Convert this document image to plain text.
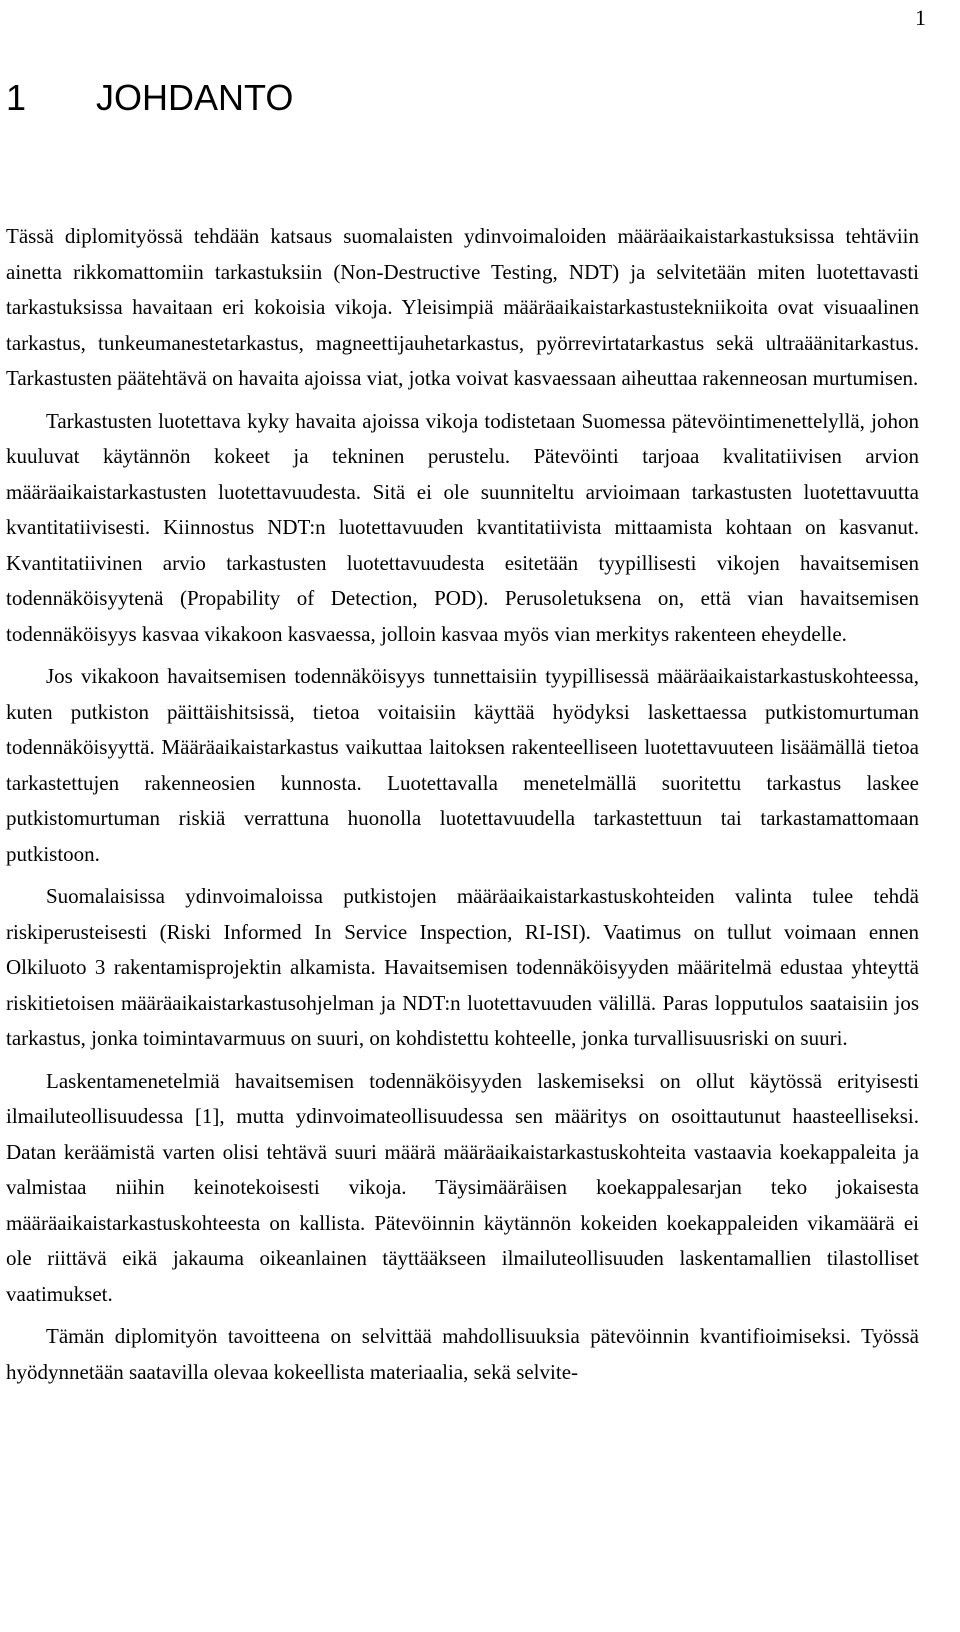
1
1 JOHDANTO

Tässä diplomityössä tehdään katsaus suomalaisten ydinvoimaloiden määräaikaistarkastuksissa tehtäviin ainetta rikkomattomiin tarkastuksiin (Non-Destructive Testing, NDT) ja selvitetään miten luotettavasti tarkastuksissa havaitaan eri kokoisia vikoja. Yleisimpiä määräaikaistarkastustekniikoita ovat visuaalinen tarkastus, tunkeumanestetarkastus, magneettijauhetarkastus, pyörrevirtatarkastus sekä ultraäänitarkastus. Tarkastusten päätehtävä on havaita ajoissa viat, jotka voivat kasvaessaan aiheuttaa rakenneosan murtumisen.

Tarkastusten luotettava kyky havaita ajoissa vikoja todistetaan Suomessa pätevöintimenettelyllä, johon kuuluvat käytännön kokeet ja tekninen perustelu. Pätevöinti tarjoaa kvalitatiivisen arvion määräaikaistarkastusten luotettavuudesta. Sitä ei ole suunniteltu arvioimaan tarkastusten luotettavuutta kvantitatiivisesti. Kiinnostus NDT:n luotettavuuden kvantitatiivista mittaamista kohtaan on kasvanut. Kvantitatiivinen arvio tarkastusten luotettavuudesta esitetään tyypillisesti vikojen havaitsemisen todennäköisyytenä (Propability of Detection, POD). Perusoletuksena on, että vian havaitsemisen todennäköisyys kasvaa vikakoon kasvaessa, jolloin kasvaa myös vian merkitys rakenteen eheydelle.

Jos vikakoon havaitsemisen todennäköisyys tunnettaisiin tyypillisessä määräaikaistarkastuskohteessa, kuten putkiston päittäishitsissä, tietoa voitaisiin käyttää hyödyksi laskettaessa putkistomurtuman todennäköisyyttä. Määräaikaistarkastus vaikuttaa laitoksen rakenteelliseen luotettavuuteen lisäämällä tietoa tarkastettujen rakenneosien kunnosta. Luotettavalla menetelmällä suoritettu tarkastus laskee putkistomurtuman riskiä verrattuna huonolla luotettavuudella tarkastettuun tai tarkastamattomaan putkistoon.

Suomalaisissa ydinvoimaloissa putkistojen määräaikaistarkastuskohteiden valinta tulee tehdä riskiperusteisesti (Riski Informed In Service Inspection, RI-ISI). Vaatimus on tullut voimaan ennen Olkiluoto 3 rakentamisprojektin alkamista. Havaitsemisen todennäköisyyden määritelmä edustaa yhteyttä riskitietoisen määräaikaistarkastusohjelman ja NDT:n luotettavuuden välillä. Paras lopputulos saataisiin jos tarkastus, jonka toimintavarmuus on suuri, on kohdistettu kohteelle, jonka turvallisuusriski on suuri.

Laskentamenetelmiä havaitsemisen todennäköisyyden laskemiseksi on ollut käytössä erityisesti ilmailuteollisuudessa [1], mutta ydinvoimateollisuudessa sen määritys on osoittautunut haasteelliseksi. Datan keräämistä varten olisi tehtävä suuri määrä määräaikaistarkastuskohteita vastaavia koekappaleita ja valmistaa niihin keinotekoisesti vikoja. Täysimääräisen koekappalesarjan teko jokaisesta määräaikaistarkastuskohteesta on kallista. Pätevöinnin käytännön kokeiden koekappaleiden vikamäärä ei ole riittävä eikä jakauma oikeanlainen täyttääkseen ilmailuteollisuuden laskentamallien tilastolliset vaatimukset.

Tämän diplomityön tavoitteena on selvittää mahdollisuuksia pätevöinnin kvantifioimiseksi. Työssä hyödynnetään saatavilla olevaa kokeellista materiaalia, sekä selvite-
